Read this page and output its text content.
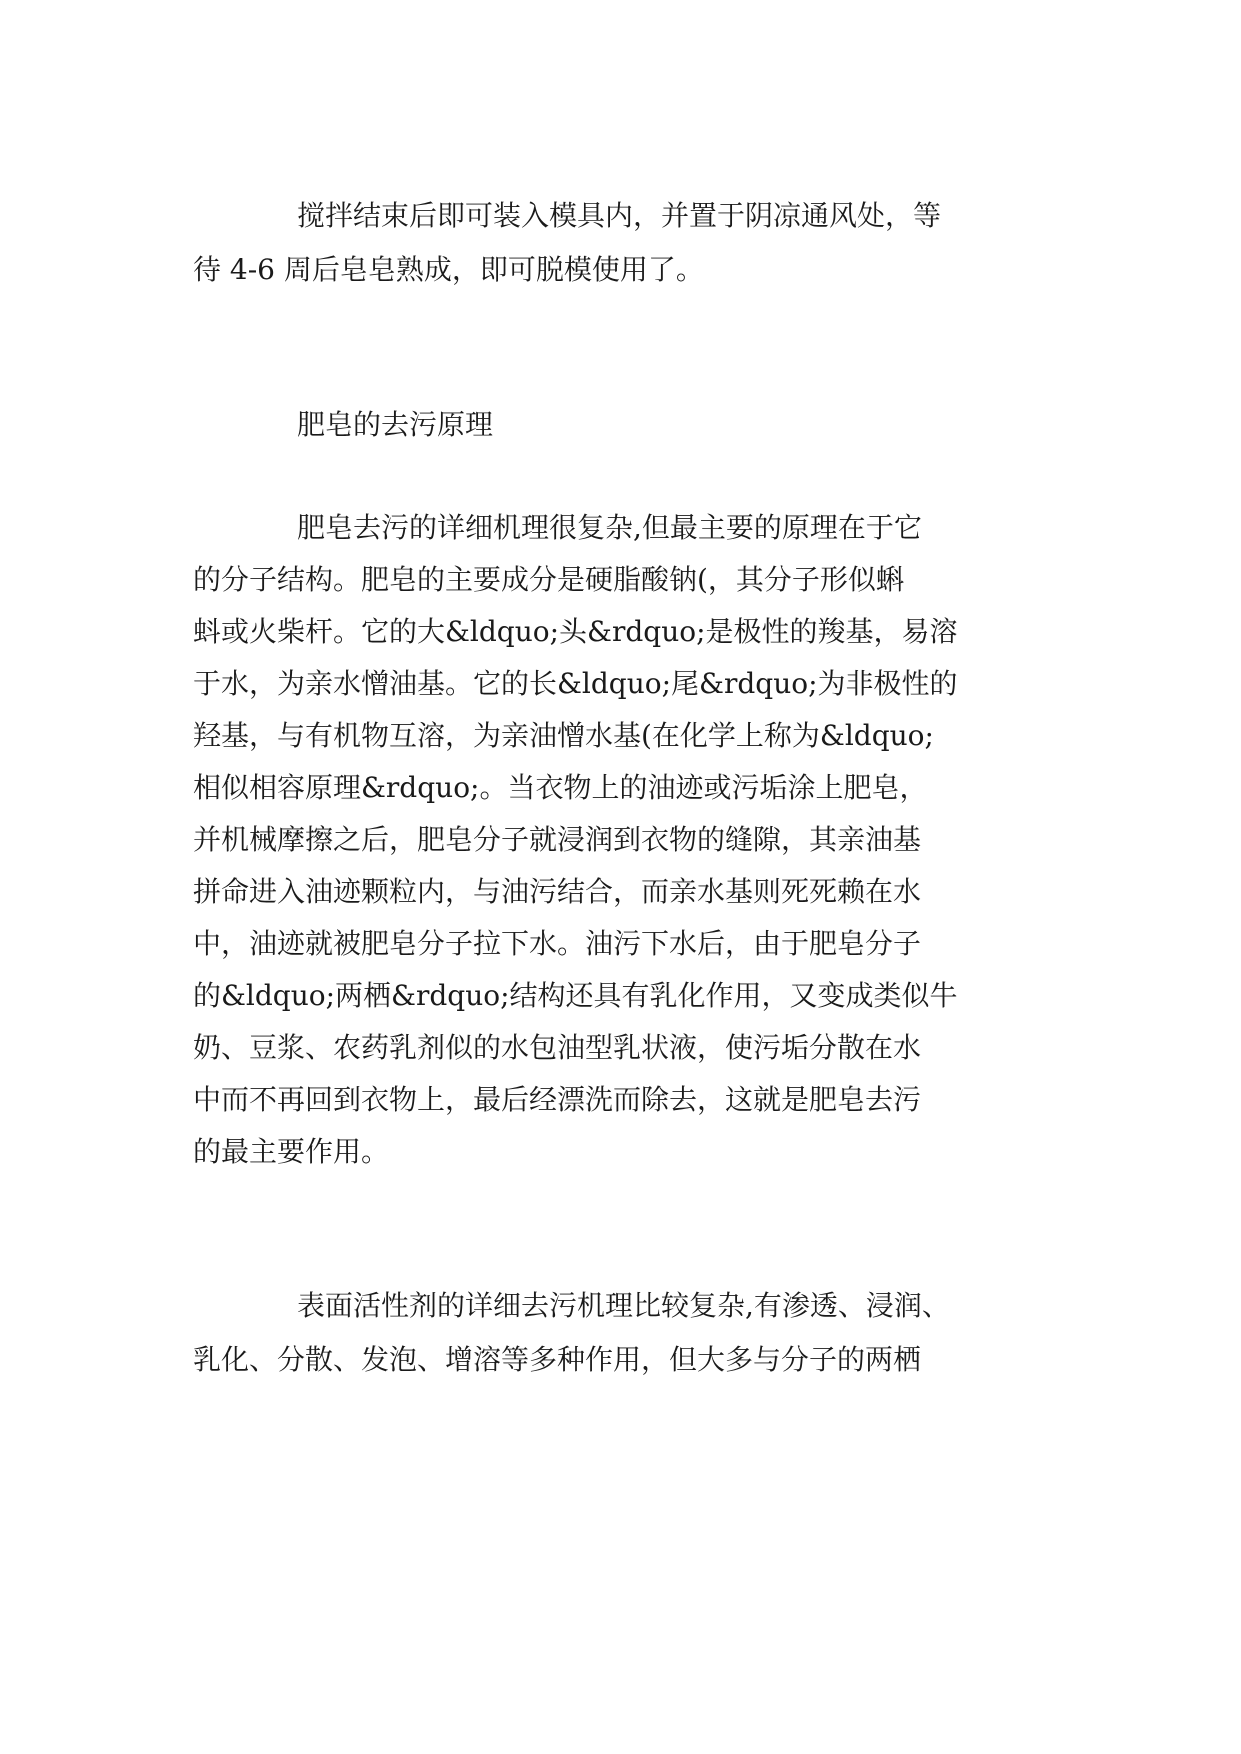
搅拌结束后即可装入模具内，并置于阴凉通风处，等

待 4-6 周后皂皂熟成，即可脱模使用了。

肥皂的去污原理

肥皂去污的详细机理很复杂,但最主要的原理在于它

的分子结构。肥皂的主要成分是硬脂酸钠(，其分子形似蝌

蚪或火柴杆。它的大&ldquo;头&rdquo;是极性的羧基，易溶

于水，为亲水憎油基。它的长&ldquo;尾&rdquo;为非极性的

羟基，与有机物互溶，为亲油憎水基(在化学上称为&ldquo;

相似相容原理&rdquo;。当衣物上的油迹或污垢涂上肥皂，

并机械摩擦之后，肥皂分子就浸润到衣物的缝隙，其亲油基

拼命进入油迹颗粒内，与油污结合，而亲水基则死死赖在水

中，油迹就被肥皂分子拉下水。油污下水后，由于肥皂分子

的&ldquo;两栖&rdquo;结构还具有乳化作用，又变成类似牛

奶、豆浆、农药乳剂似的水包油型乳状液，使污垢分散在水

中而不再回到衣物上，最后经漂洗而除去，这就是肥皂去污

的最主要作用。

表面活性剂的详细去污机理比较复杂,有渗透、浸润、

乳化、分散、发泡、增溶等多种作用，但大多与分子的两栖
